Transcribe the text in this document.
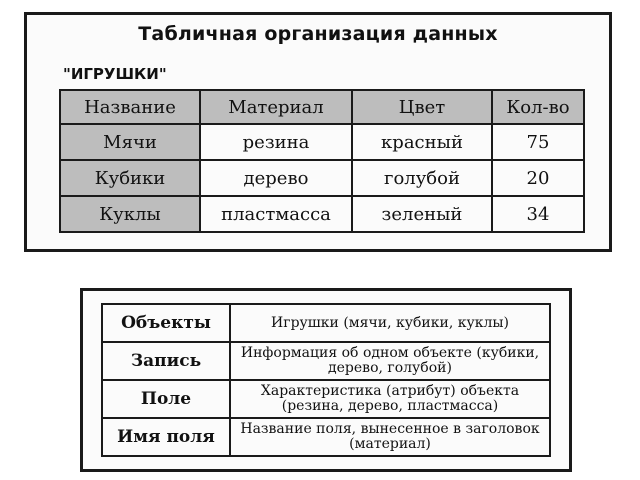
Табличная организация данных
"ИГРУШКИ"
Название	Материал	Цвет	Кол-во
Мячи	резина	красный	75
Кубики	дерево	голубой	20
Куклы	пластмасса	зеленый	34
Объекты	Игрушки (мячи, кубики, куклы)
Запись	Информация об одном объекте (кубики, дерево, голубой)
Поле	Характеристика (атрибут) объекта (резина, дерево, пластмасса)
Имя поля	Название поля, вынесенное в заголовок (материал)
